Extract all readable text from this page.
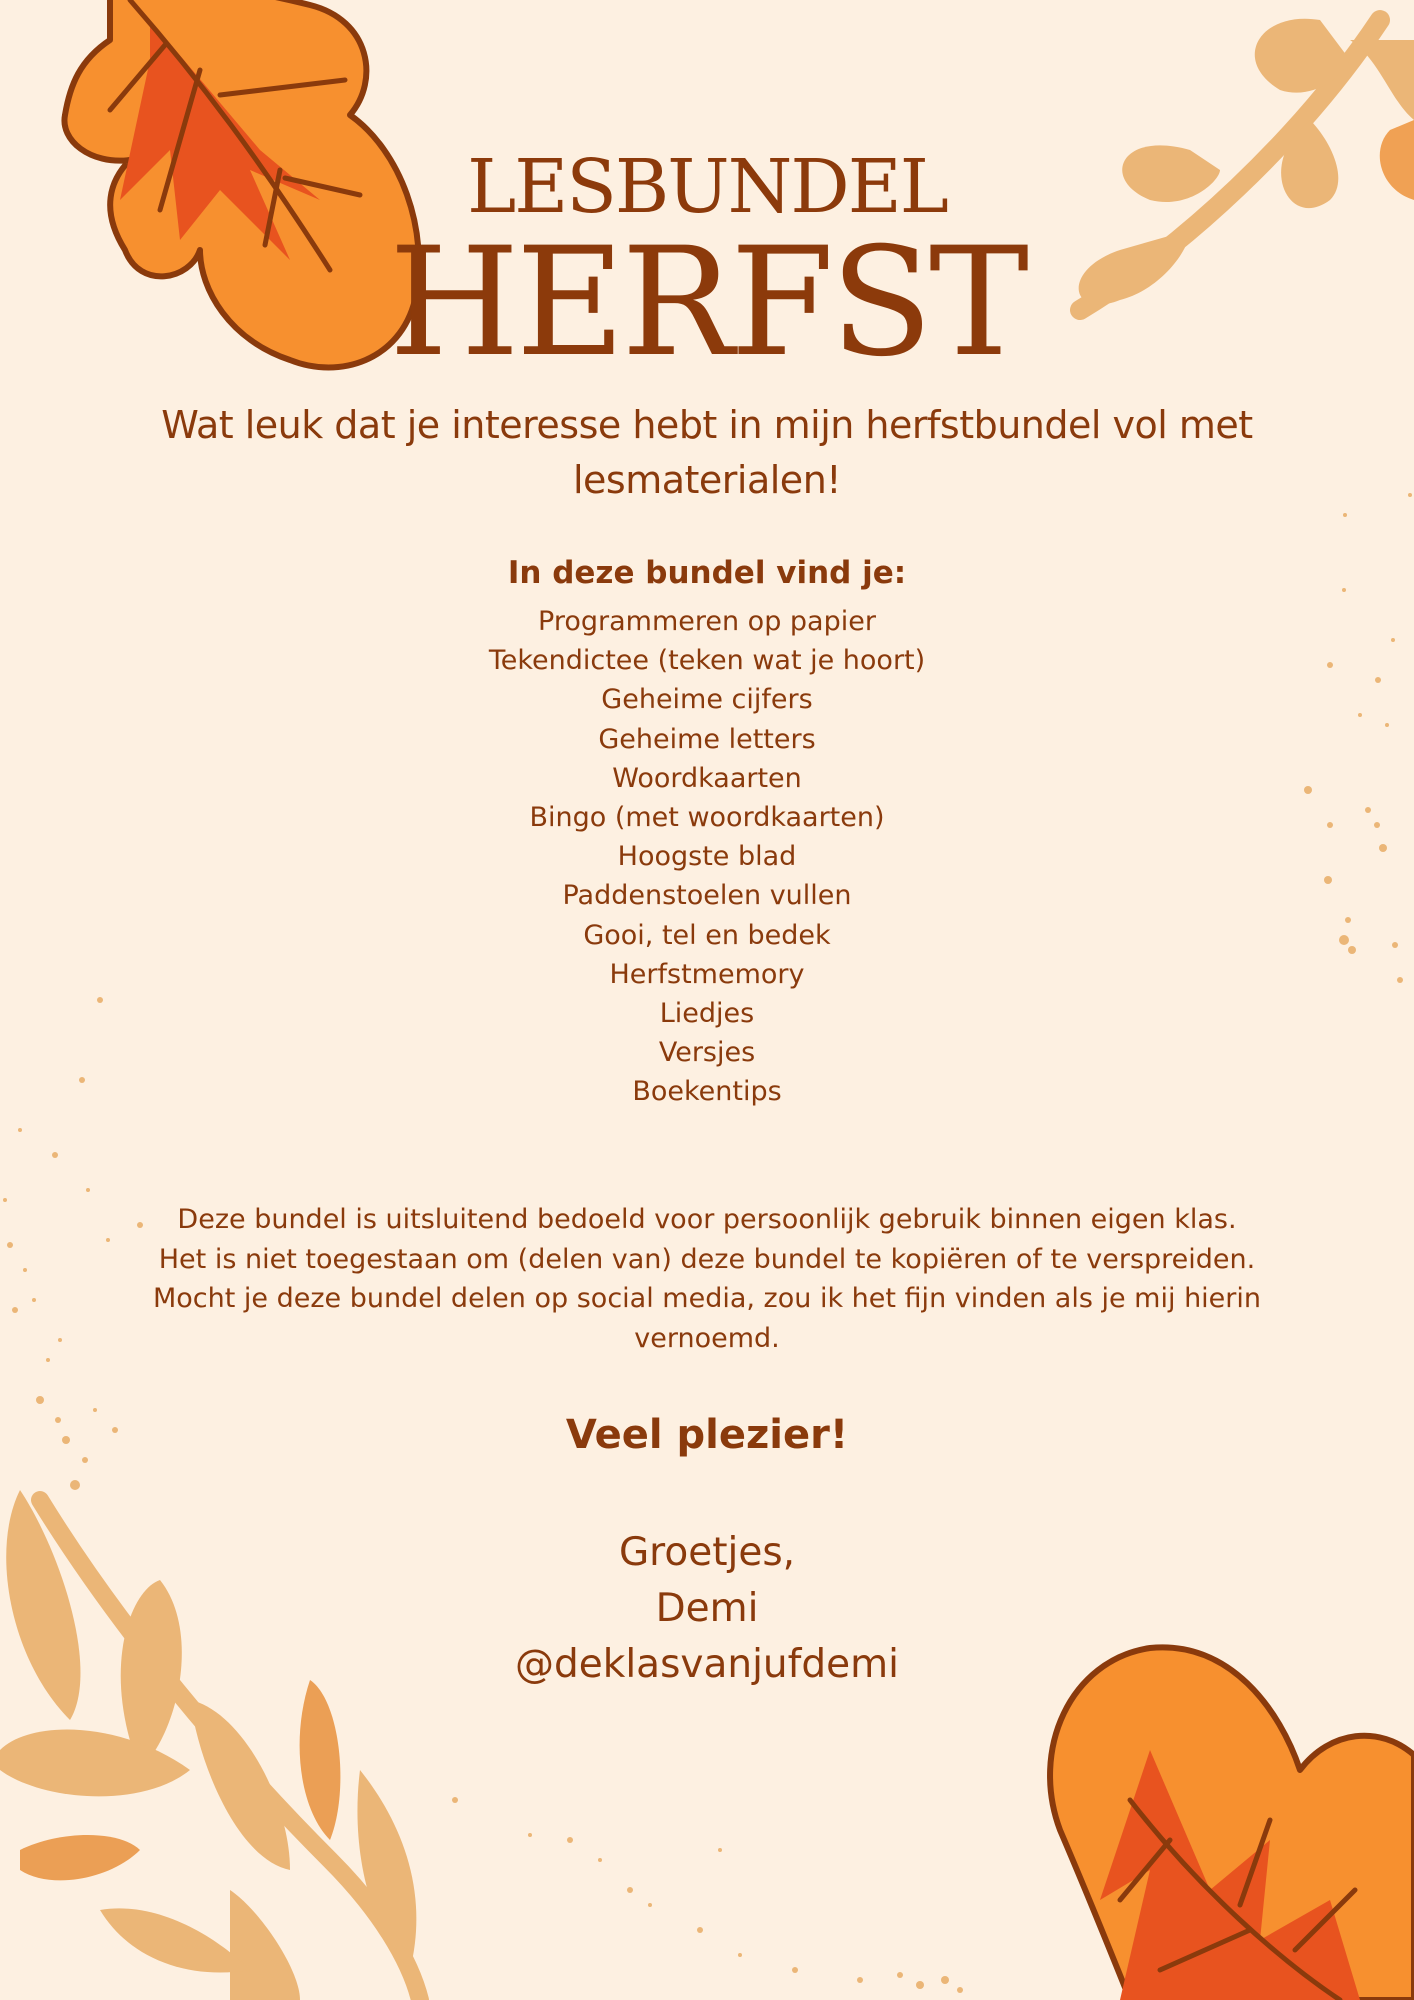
LESBUNDEL
HERFST
Wat leuk dat je interesse hebt in mijn herfstbundel vol met lesmaterialen!
In deze bundel vind je:
Programmeren op papier
Tekendictee (teken wat je hoort)
Geheime cijfers
Geheime letters
Woordkaarten
Bingo (met woordkaarten)
Hoogste blad
Paddenstoelen vullen
Gooi, tel en bedek
Herfstmemory
Liedjes
Versjes
Boekentips
Deze bundel is uitsluitend bedoeld voor persoonlijk gebruik binnen eigen klas. Het is niet toegestaan om (delen van) deze bundel te kopiëren of te verspreiden. Mocht je deze bundel delen op social media, zou ik het fijn vinden als je mij hierin vernoemd.
Veel plezier!
Groetjes,
Demi
@deklasvanjufdemi
